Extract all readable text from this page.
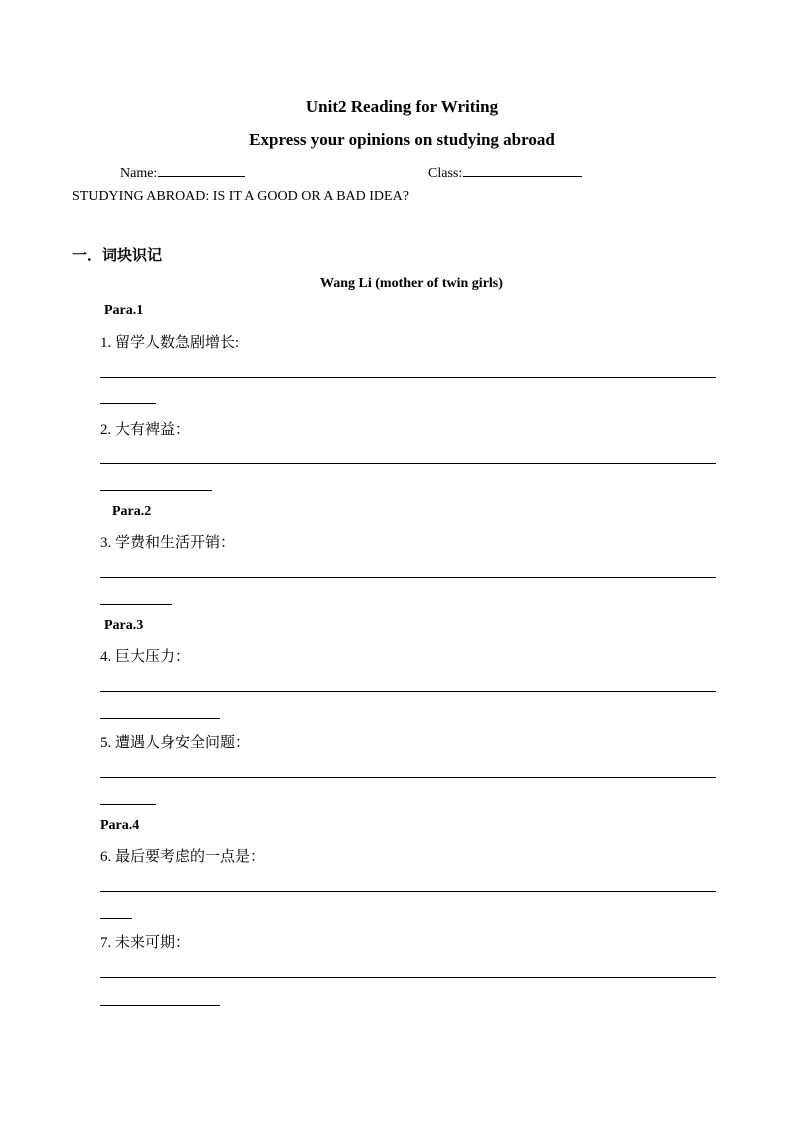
Unit2 Reading for Writing
Express your opinions on studying abroad
Name:	Class:
STUDYING ABROAD: IS IT A GOOD OR A BAD IDEA?
一．词块识记
Wang Li (mother of twin girls)
Para.1
1. 留学人数急剧增长:
2. 大有裨益：
Para.2
3. 学费和生活开销：
Para.3
4. 巨大压力：
5. 遭遇人身安全问题：
Para.4
6. 最后要考虑的一点是：
7. 未来可期：
